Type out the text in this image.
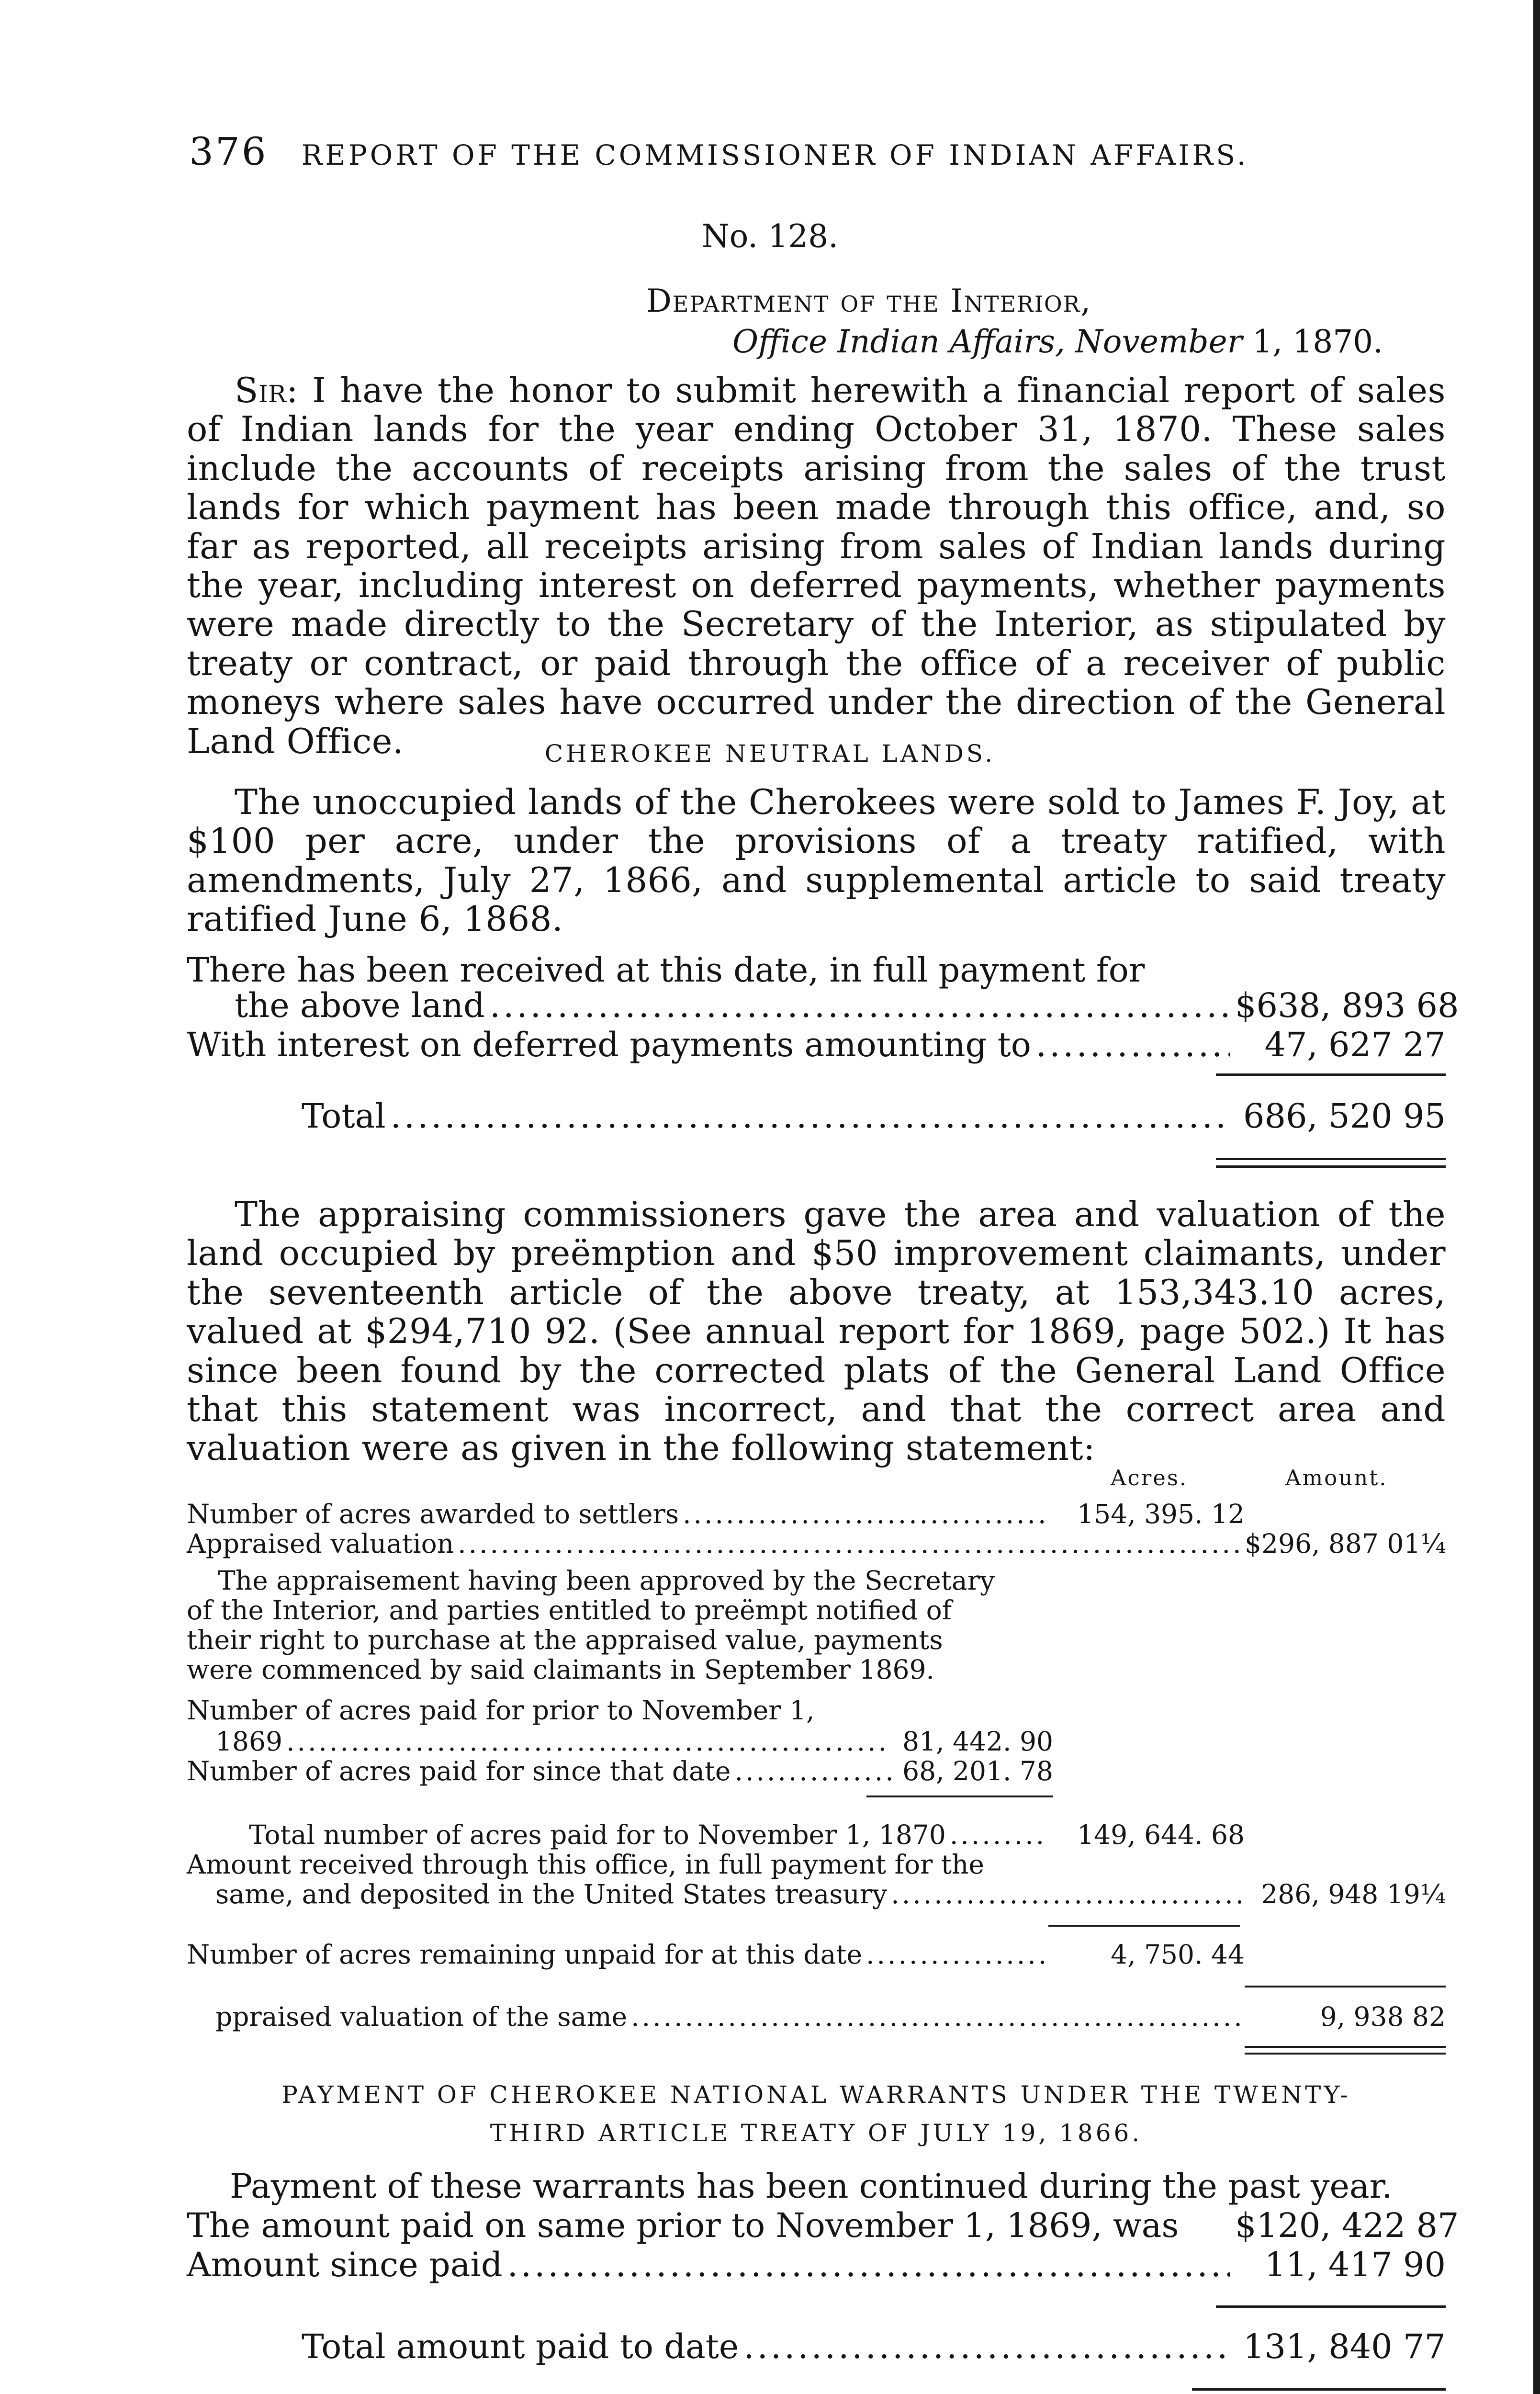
376 REPORT OF THE COMMISSIONER OF INDIAN AFFAIRS.
No. 128.
Department of the Interior,
Office Indian Affairs, November 1, 1870.
Sir: I have the honor to submit herewith a financial report of sales of Indian lands for the year ending October 31, 1870. These sales include the accounts of receipts arising from the sales of the trust lands for which payment has been made through this office, and, so far as reported, all receipts arising from sales of Indian lands during the year, including interest on deferred payments, whether payments were made directly to the Secretary of the Interior, as stipulated by treaty or contract, or paid through the office of a receiver of public moneys where sales have occurred under the direction of the General Land Office.	CHEROKEE NEUTRAL LANDS.
The unoccupied lands of the Cherokees were sold to James F. Joy, at $100 per acre, under the provisions of a treaty ratified, with amendments, July 27, 1866, and supplemental article to said treaty ratified June 6, 1868.
There has been received at this date, in full payment for
the above land .....	$638, 893 68
With interest on deferred payments amounting to .....	47, 627 27
Total .....	686, 520 95
The appraising commissioners gave the area and valuation of the land occupied by preëmption and $50 improvement claimants, under the seventeenth article of the above treaty, at 153,343.10 acres, valued at $294,710 92. (See annual report for 1869, page 502.) It has since been found by the corrected plats of the General Land Office that this statement was incorrect, and that the correct area and valuation were as given in the following statement:
Acres.	Amount.
Number of acres awarded to settlers .....	154, 395. 12
Appraised valuation .....	$296, 887 01¼
The appraisement having been approved by the Secretary
of the Interior, and parties entitled to preëmpt notified of
their right to purchase at the appraised value, payments
were commenced by said claimants in September 1869.
Number of acres paid for prior to November 1,
1869 .....	81, 442. 90
Number of acres paid for since that date .....	68, 201. 78
Total number of acres paid for to November 1, 1870 .....	149, 644. 68
Amount received through this office, in full payment for the
same, and deposited in the United States treasury .....	286, 948 19¼
Number of acres remaining unpaid for at this date .....	4, 750. 44
ppraised valuation of the same .....	9, 938 82
PAYMENT OF CHEROKEE NATIONAL WARRANTS UNDER THE TWENTY-
THIRD ARTICLE TREATY OF JULY 19, 1866.
Payment of these warrants has been continued during the past year.
The amount paid on same prior to November 1, 1869, was $120, 422 87
Amount since paid .....	11, 417 90
Total amount paid to date .....	131, 840 77
